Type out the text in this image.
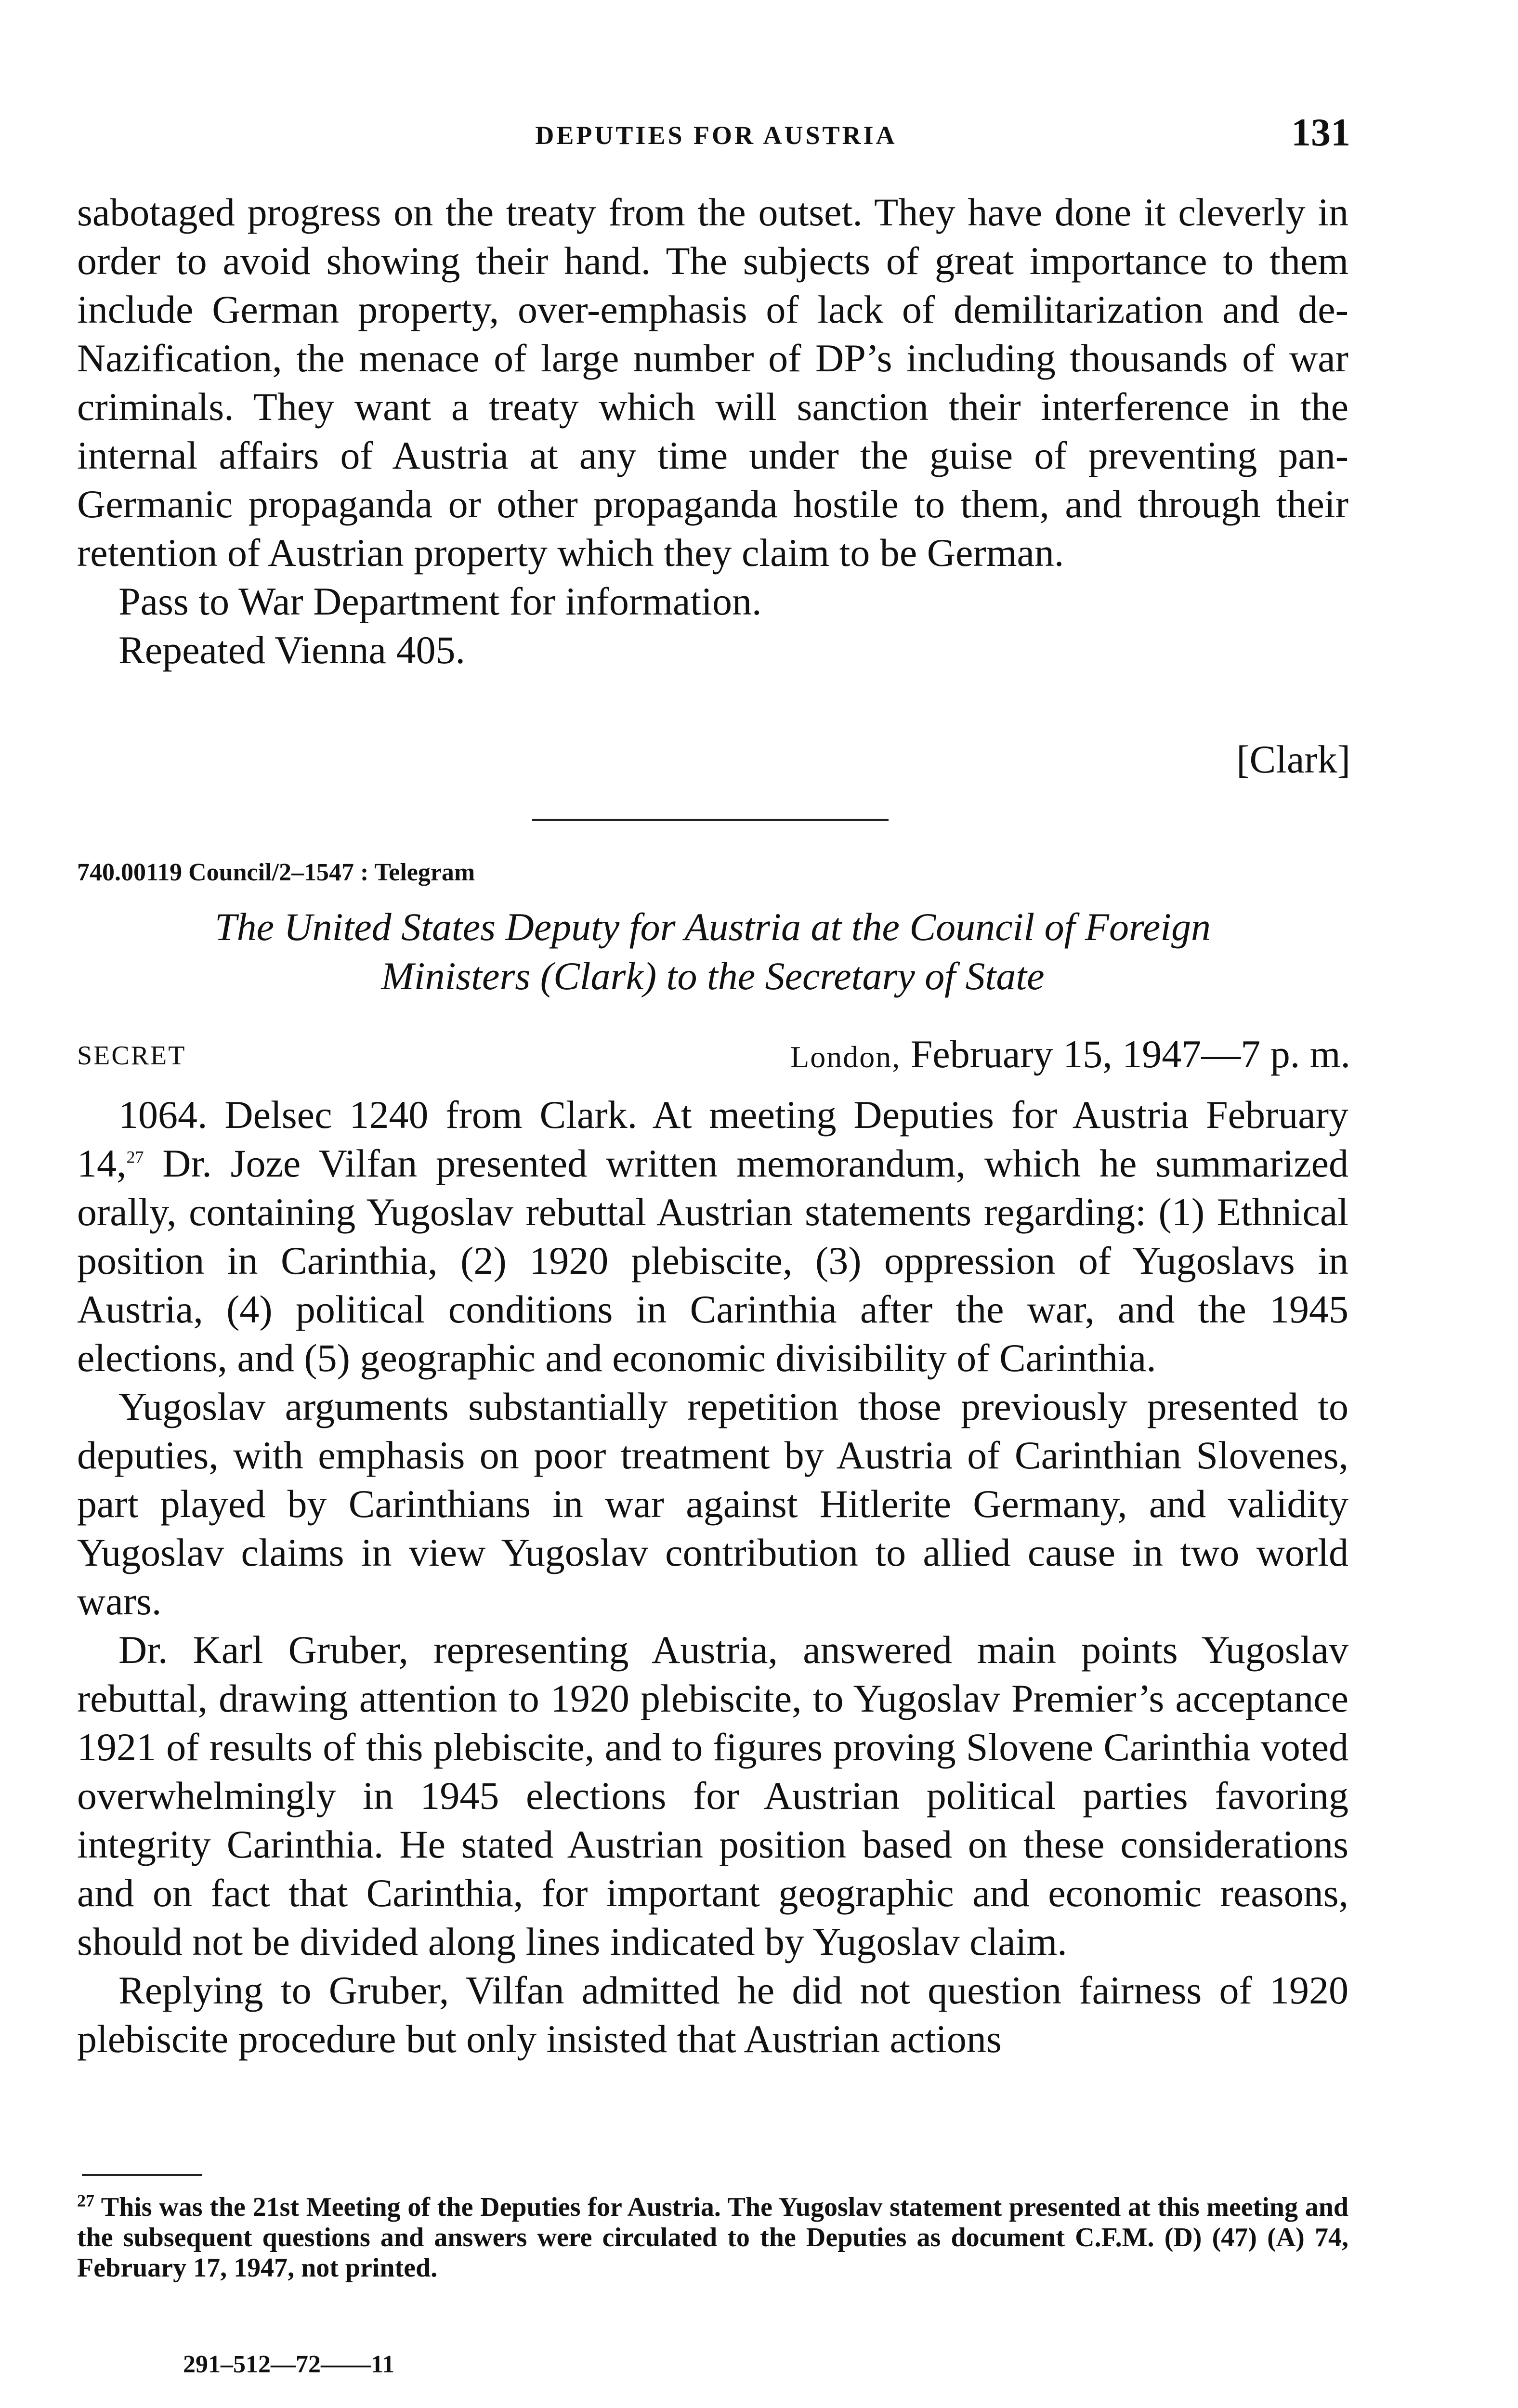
DEPUTIES FOR AUSTRIA	131

sabotaged progress on the treaty from the outset. They have done it cleverly in order to avoid showing their hand. The subjects of great importance to them include German property, over-emphasis of lack of demilitarization and de-Nazification, the menace of large number of DP’s including thousands of war criminals. They want a treaty which will sanction their interference in the internal affairs of Austria at any time under the guise of preventing pan-Germanic propaganda or other propaganda hostile to them, and through their retention of Austrian property which they claim to be German.

Pass to War Department for information.

Repeated Vienna 405.

[Clark]
740.00119 Council/2–1547 : Telegram
The United States Deputy for Austria at the Council of Foreign
Ministers (Clark) to the Secretary of State
SECRET	London, February 15, 1947—7 p. m.

1064. Delsec 1240 from Clark. At meeting Deputies for Austria February 14,27 Dr. Joze Vilfan presented written memorandum, which he summarized orally, containing Yugoslav rebuttal Austrian statements regarding: (1) Ethnical position in Carinthia, (2) 1920 plebiscite, (3) oppression of Yugoslavs in Austria, (4) political conditions in Carinthia after the war, and the 1945 elections, and (5) geographic and economic divisibility of Carinthia.

Yugoslav arguments substantially repetition those previously presented to deputies, with emphasis on poor treatment by Austria of Carinthian Slovenes, part played by Carinthians in war against Hitlerite Germany, and validity Yugoslav claims in view Yugoslav contribution to allied cause in two world wars.

Dr. Karl Gruber, representing Austria, answered main points Yugoslav rebuttal, drawing attention to 1920 plebiscite, to Yugoslav Premier’s acceptance 1921 of results of this plebiscite, and to figures proving Slovene Carinthia voted overwhelmingly in 1945 elections for Austrian political parties favoring integrity Carinthia. He stated Austrian position based on these considerations and on fact that Carinthia, for important geographic and economic reasons, should not be divided along lines indicated by Yugoslav claim.

Replying to Gruber, Vilfan admitted he did not question fairness of 1920 plebiscite procedure but only insisted that Austrian actions

$^{27}$ This was the 21st Meeting of the Deputies for Austria. The Yugoslav statement presented at this meeting and the subsequent questions and answers were circulated to the Deputies as document C.F.M. (D) (47) (A) 74, February 17, 1947, not printed.
291–512—72——11
